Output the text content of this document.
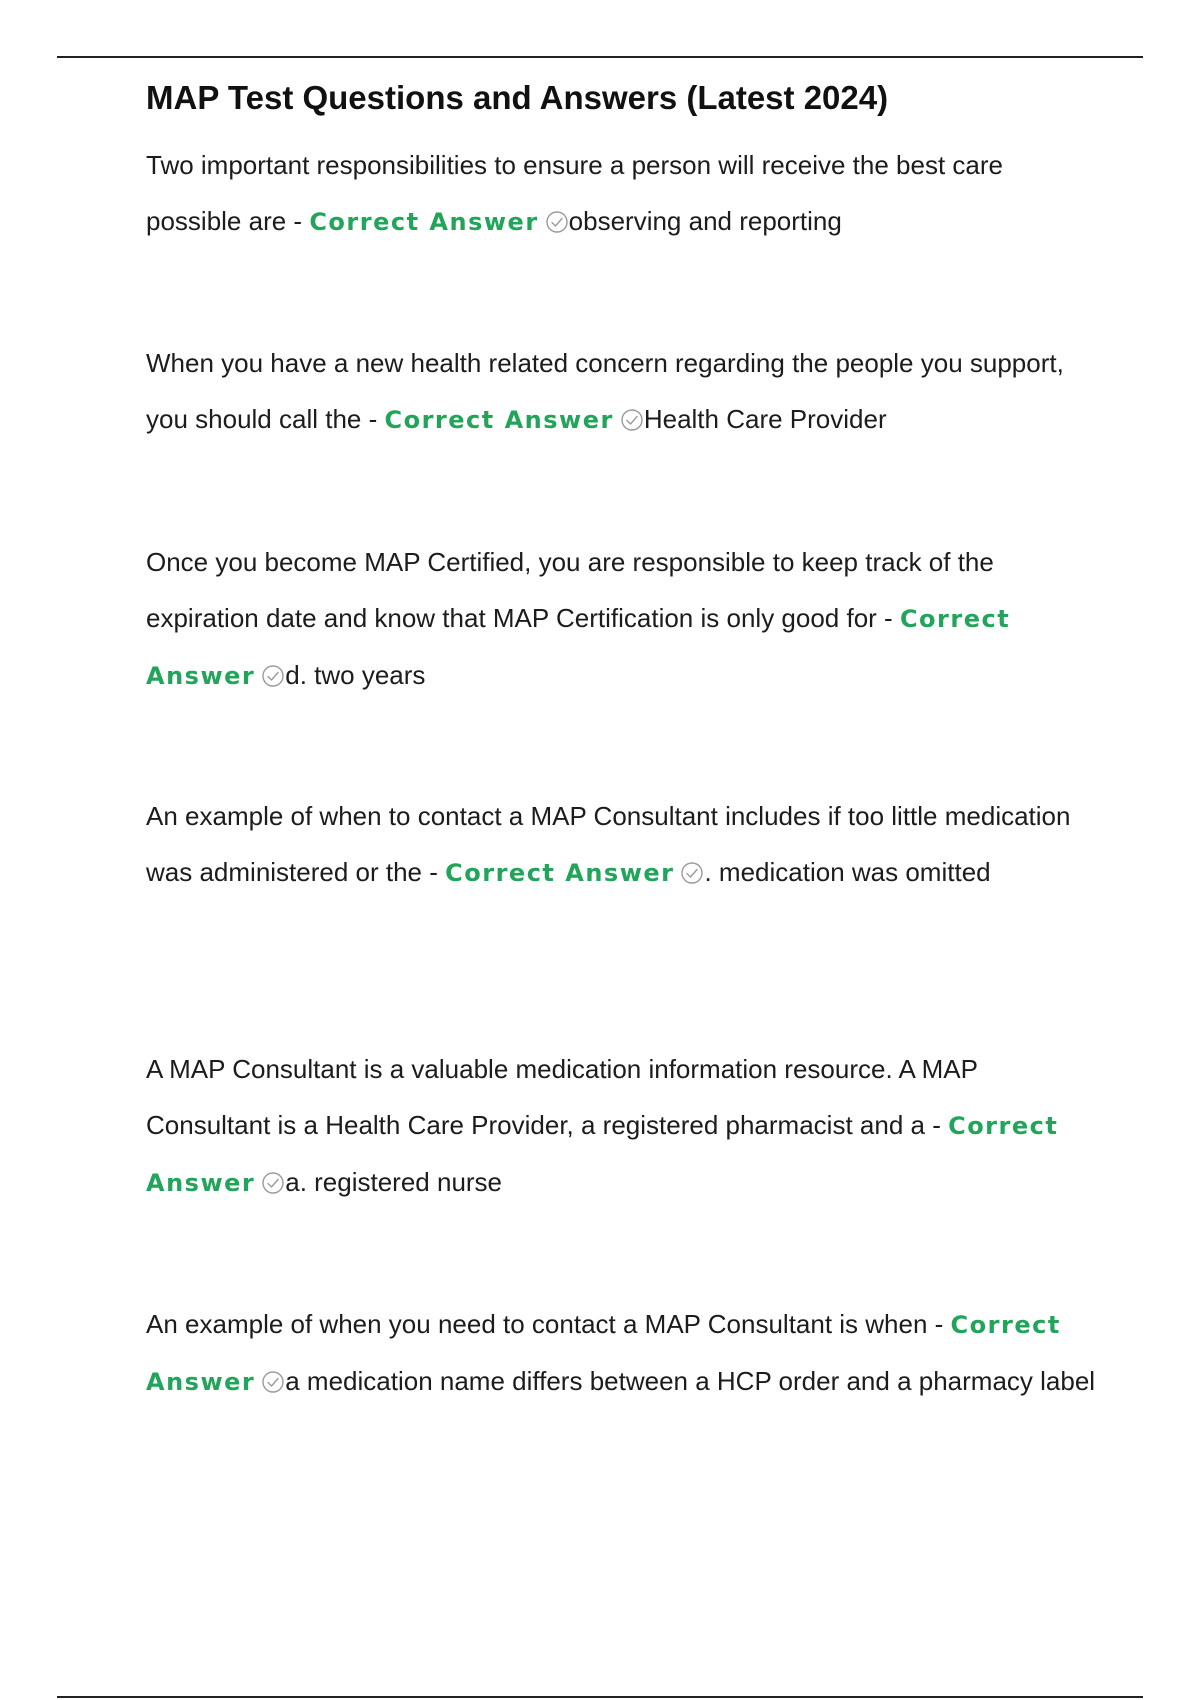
MAP Test Questions and Answers (Latest 2024)

Two important responsibilities to ensure a person will receive the best care possible are - Correct Answer observing and reporting

When you have a new health related concern regarding the people you support, you should call the - Correct Answer Health Care Provider

Once you become MAP Certified, you are responsible to keep track of the expiration date and know that MAP Certification is only good for - Correct Answer d. two years

An example of when to contact a MAP Consultant includes if too little medication was administered or the - Correct Answer . medication was omitted

A MAP Consultant is a valuable medication information resource. A MAP Consultant is a Health Care Provider, a registered pharmacist and a - Correct Answer a. registered nurse

An example of when you need to contact a MAP Consultant is when - Correct Answer a medication name differs between a HCP order and a pharmacy label
